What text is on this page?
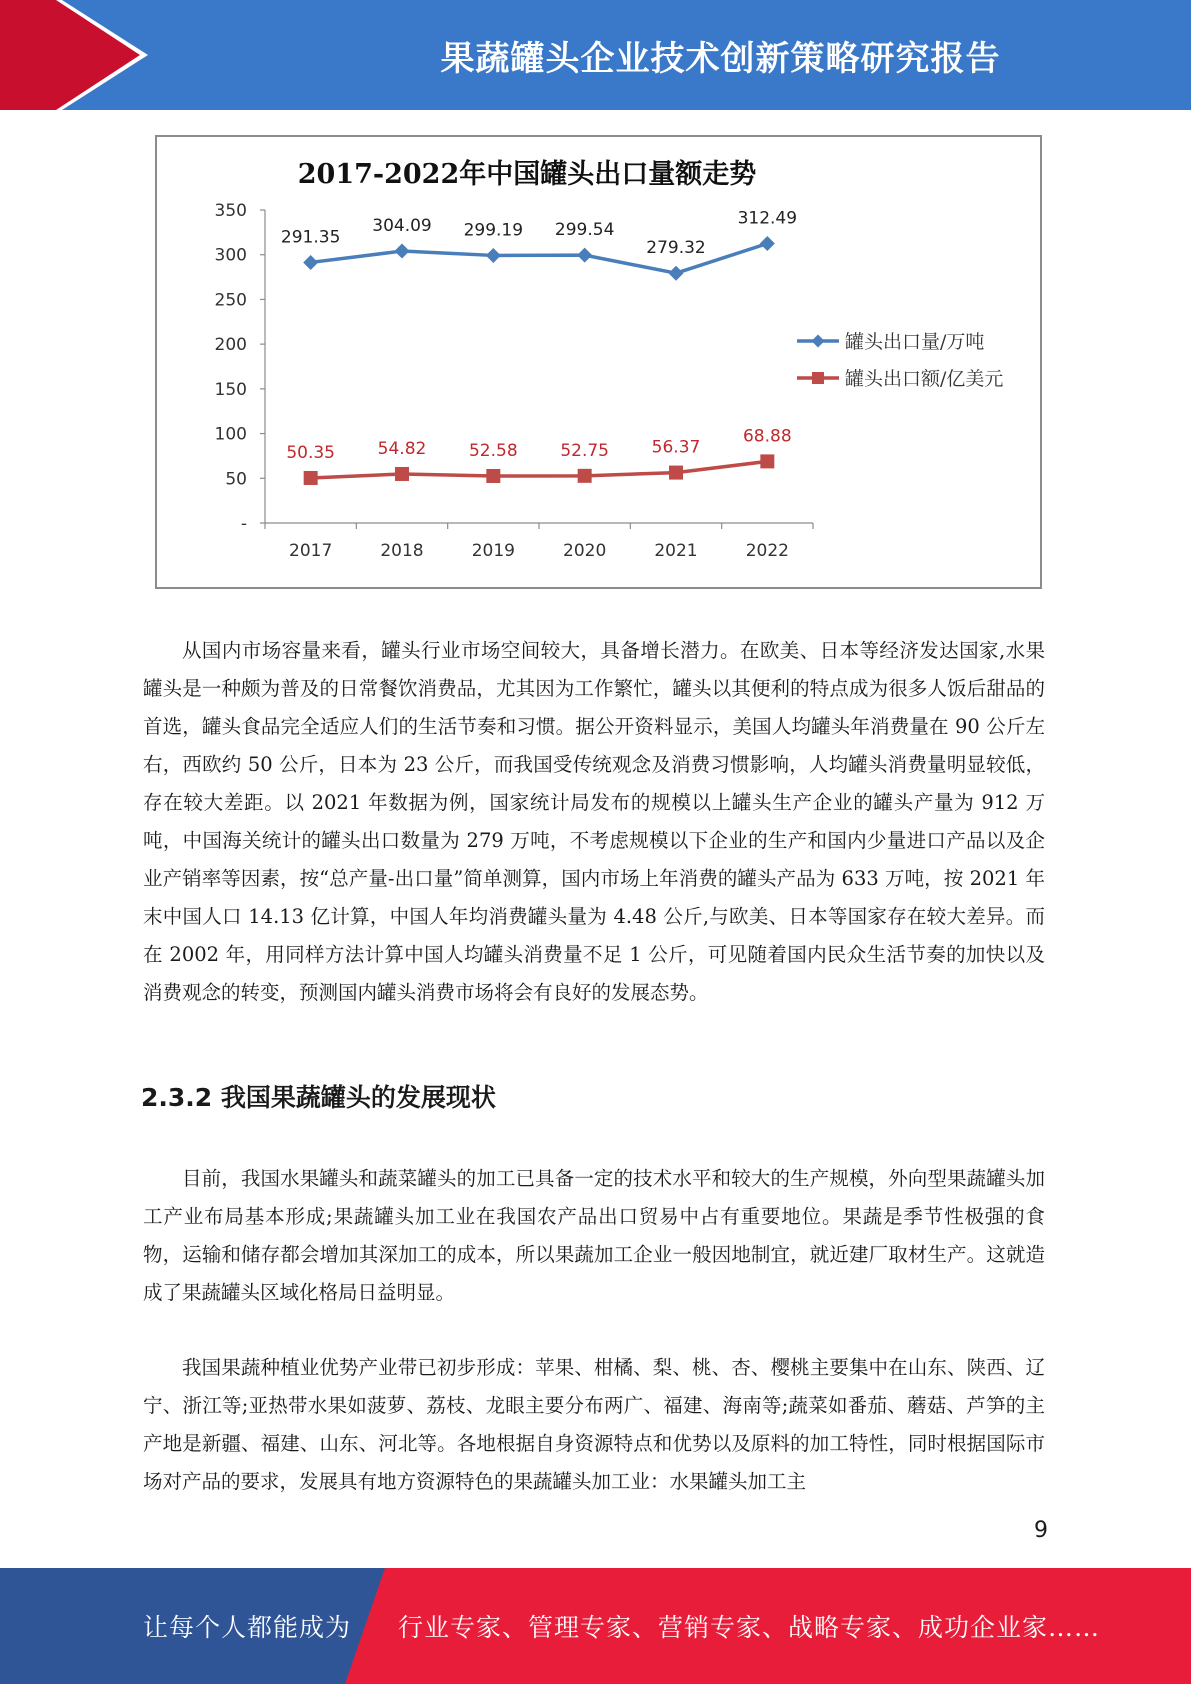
果蔬罐头企业技术创新策略研究报告
2017-2022年中国罐头出口量额走势
-
50
100
150
200
250
300
350
2017	2018	2019	2020	2021	2022
291.35
304.09 299.19 299.54
279.32
312.49
50.35	54.82	52.58	52.75	56.37
68.88
罐头出口量/万吨
罐头出口额/亿美元

从国内市场容量来看，罐头行业市场空间较大，具备增长潜力。在欧美、日本等经济发达国家,水果罐头是一种颇为普及的日常餐饮消费品，尤其因为工作繁忙，罐头以其便利的特点成为很多人饭后甜品的首选，罐头食品完全适应人们的生活节奏和习惯。据公开资料显示，美国人均罐头年消费量在 90 公斤左右，西欧约 50 公斤，日本为 23 公斤，而我国受传统观念及消费习惯影响，人均罐头消费量明显较低，存在较大差距。以 2021 年数据为例，国家统计局发布的规模以上罐头生产企业的罐头产量为 912 万吨，中国海关统计的罐头出口数量为 279 万吨，不考虑规模以下企业的生产和国内少量进口产品以及企业产销率等因素，按“总产量-出口量”简单测算，国内市场上年消费的罐头产品为 633 万吨，按 2021 年末中国人口 14.13 亿计算，中国人年均消费罐头量为 4.48 公斤,与欧美、日本等国家存在较大差异。而在 2002 年，用同样方法计算中国人均罐头消费量不足 1 公斤，可见随着国内民众生活节奏的加快以及消费观念的转变，预测国内罐头消费市场将会有良好的发展态势。

2.3.2 我国果蔬罐头的发展现状

目前，我国水果罐头和蔬菜罐头的加工已具备一定的技术水平和较大的生产规模，外向型果蔬罐头加工产业布局基本形成;果蔬罐头加工业在我国农产品出口贸易中占有重要地位。果蔬是季节性极强的食物，运输和储存都会增加其深加工的成本，所以果蔬加工企业一般因地制宜，就近建厂取材生产。这就造成了果蔬罐头区域化格局日益明显。

我国果蔬种植业优势产业带已初步形成：苹果、柑橘、梨、桃、杏、樱桃主要集中在山东、陕西、辽宁、浙江等;亚热带水果如菠萝、荔枝、龙眼主要分布两广、福建、海南等;蔬菜如番茄、蘑菇、芦笋的主产地是新疆、福建、山东、河北等。各地根据自身资源特点和优势以及原料的加工特性，同时根据国际市场对产品的要求，发展具有地方资源特色的果蔬罐头加工业：水果罐头加工主

9
让每个人都能成为 行业专家、管理专家、营销专家、战略专家、成功企业家……
